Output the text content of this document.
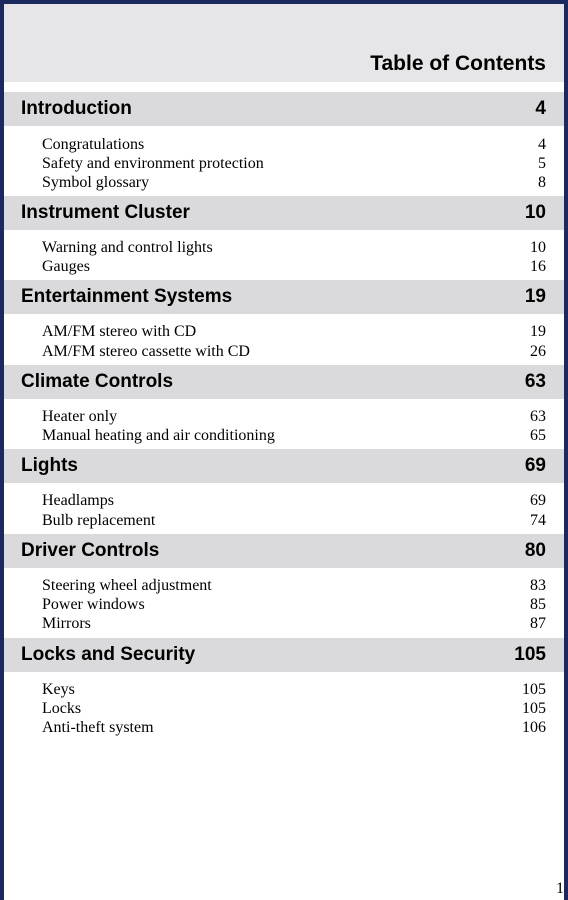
Table of Contents
Introduction	4
Congratulations	4
Safety and environment protection	5
Symbol glossary	8
Instrument Cluster	10
Warning and control lights	10
Gauges	16
Entertainment Systems	19
AM/FM stereo with CD	19
AM/FM stereo cassette with CD	26
Climate Controls	63
Heater only	63
Manual heating and air conditioning	65
Lights	69
Headlamps	69
Bulb replacement	74
Driver Controls	80
Steering wheel adjustment	83
Power windows	85
Mirrors	87
Locks and Security	105
Keys	105
Locks	105
Anti-theft system	106
1
